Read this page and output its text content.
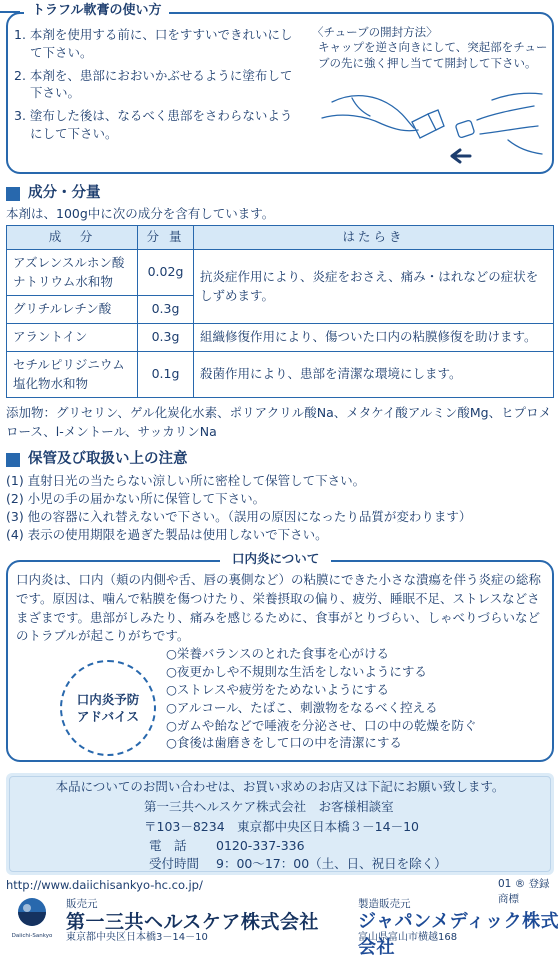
トラフル軟膏の使い方
1. 本剤を使用する前に、口をすすいできれいにして下さい。
2. 本剤を、患部におおいかぶせるように塗布して下さい。
3. 塗布した後は、なるべく患部をさわらないようにして下さい。
〈チューブの開封方法〉
キャップを逆さ向きにして、突起部をチューブの先に強く押し当てて開封して下さい。
成分・分量
本剤は、100g中に次の成分を含有しています。
成　分	分 量	はたらき
アズレンスルホン酸ナトリウム水和物	0.02g	抗炎症作用により、炎症をおさえ、痛み・はれなどの症状をしずめます。
グリチルレチン酸	0.3g	
アラントイン	0.3g	組織修復作用により、傷ついた口内の粘膜修復を助けます。
セチルピリジニウム塩化物水和物	0.1g	殺菌作用により、患部を清潔な環境にします。
添加物：グリセリン、ゲル化炭化水素、ポリアクリル酸Na、メタケイ酸アルミン酸Mg、ヒプロメロース、l-メントール、サッカリンNa
保管及び取扱い上の注意
(1) 直射日光の当たらない涼しい所に密栓して保管して下さい。
(2) 小児の手の届かない所に保管して下さい。
(3) 他の容器に入れ替えないで下さい。（誤用の原因になったり品質が変わります）
(4) 表示の使用期限を過ぎた製品は使用しないで下さい。
口内炎について
口内炎は、口内（頬の内側や舌、唇の裏側など）の粘膜にできた小さな潰瘍を伴う炎症の総称です。原因は、噛んで粘膜を傷つけたり、栄養摂取の偏り、疲労、睡眠不足、ストレスなどさまざまです。患部がしみたり、痛みを感じるために、食事がとりづらい、しゃべりづらいなどのトラブルが起こりがちです。
口内炎予防
アドバイス
○栄養バランスのとれた食事を心がける
○夜更かしや不規則な生活をしないようにする
○ストレスや疲労をためないようにする
○アルコール、たばこ、刺激物をなるべく控える
○ガムや飴などで唾液を分泌させ、口の中の乾燥を防ぐ
○食後は歯磨きをして口の中を清潔にする
本品についてのお問い合わせは、お買い求めのお店又は下記にお願い致します。
第一三共ヘルスケア株式会社　お客様相談室
〒103－8234　東京都中央区日本橋３－14－10
電　話 0120-337-336
受付時間 9：00～17：00（土、日、祝日を除く）
http://www.daiichisankyo-hc.co.jp/	01 ® 登録商標
Daiichi-Sankyo
販売元
第一三共ヘルスケア株式会社
東京都中央区日本橋3－14－10
製造販売元
ジャパンメディック株式会社
富山県富山市横越168
